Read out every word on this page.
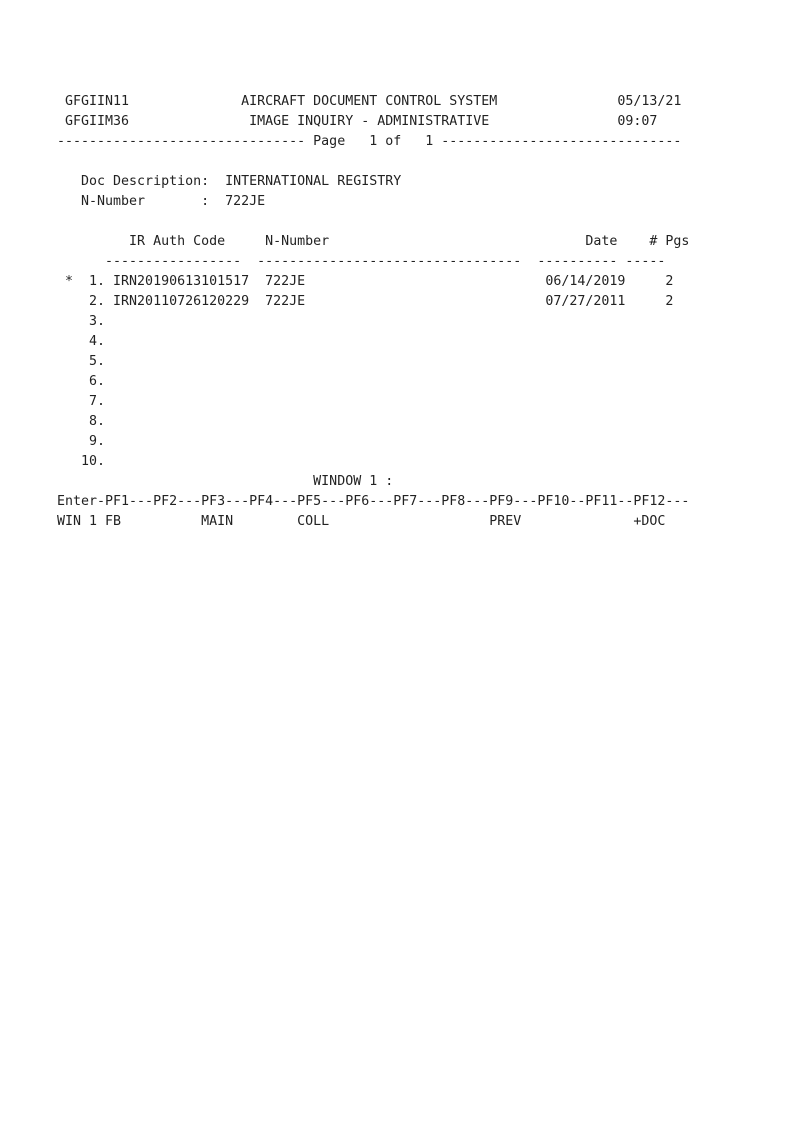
GFGIIN11              AIRCRAFT DOCUMENT CONTROL SYSTEM               05/13/21
GFGIIM36               IMAGE INQUIRY - ADMINISTRATIVE                09:07
------------------------------- Page   1 of   1 ------------------------------
Doc Description:  INTERNATIONAL REGISTRY
N-Number       :  722JE
IR Auth Code     N-Number                                Date    # Pgs
-----------------  ---------------------------------  ---------- -----
*  1. IRN20190613101517  722JE                              06/14/2019     2
2. IRN20110726120229  722JE                              07/27/2011     2
3.
4.
5.
6.
7.
8.
9.
10.
WINDOW 1 :
Enter-PF1---PF2---PF3---PF4---PF5---PF6---PF7---PF8---PF9---PF10--PF11--PF12---
WIN 1 FB          MAIN        COLL                    PREV              +DOC
